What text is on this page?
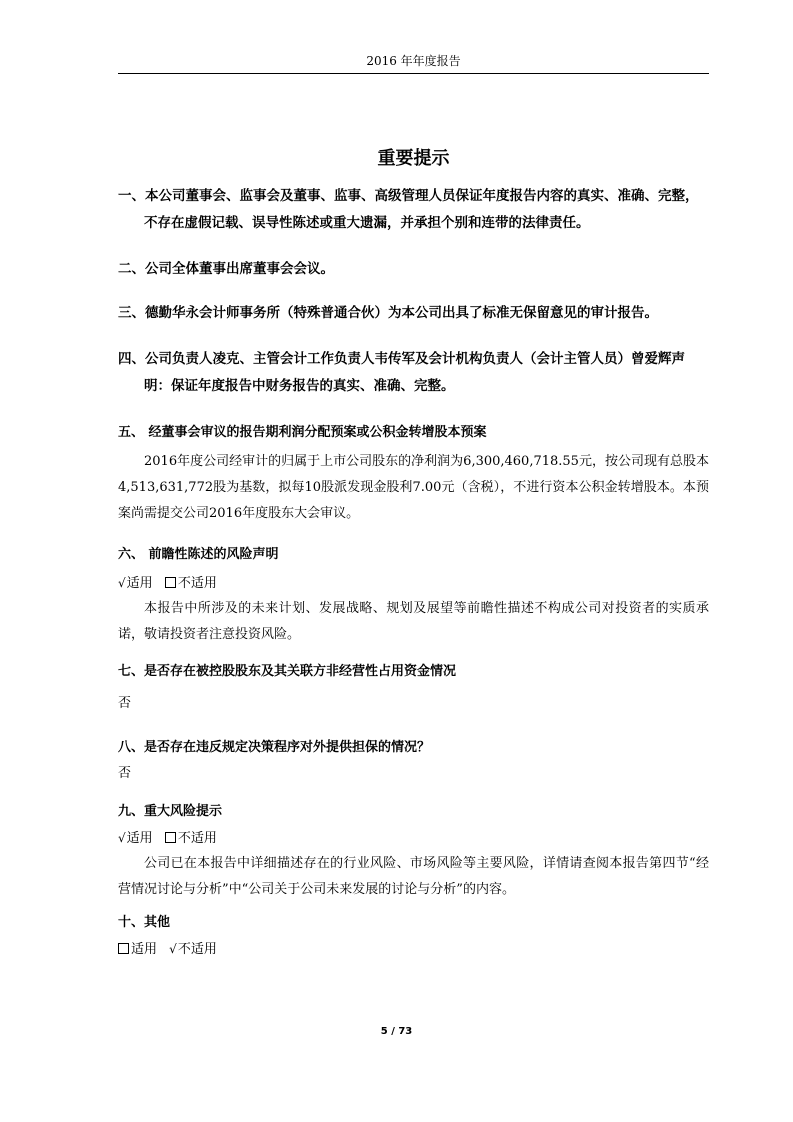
2016 年年度报告
重要提示

一、本公司董事会、监事会及董事、监事、高级管理人员保证年度报告内容的真实、准确、完整，

不存在虚假记载、误导性陈述或重大遗漏，并承担个别和连带的法律责任。

二、公司全体董事出席董事会会议。

三、德勤华永会计师事务所（特殊普通合伙）为本公司出具了标准无保留意见的审计报告。

四、公司负责人凌克、主管会计工作负责人韦传军及会计机构负责人（会计主管人员）曾爱辉声

明：保证年度报告中财务报告的真实、准确、完整。

五、 经董事会审议的报告期利润分配预案或公积金转增股本预案

2016年度公司经审计的归属于上市公司股东的净利润为6,300,460,718.55元，按公司现有总股本4,513,631,772股为基数，拟每10股派发现金股利7.00元（含税），不进行资本公积金转增股本。本预案尚需提交公司2016年度股东大会审议。

六、 前瞻性陈述的风险声明

√适用 不适用

本报告中所涉及的未来计划、发展战略、规划及展望等前瞻性描述不构成公司对投资者的实质承诺，敬请投资者注意投资风险。

七、是否存在被控股股东及其关联方非经营性占用资金情况

否

八、是否存在违反规定决策程序对外提供担保的情况？

否

九、重大风险提示

√适用 不适用

公司已在本报告中详细描述存在的行业风险、市场风险等主要风险，详情请查阅本报告第四节“经营情况讨论与分析”中“公司关于公司未来发展的讨论与分析”的内容。

十、其他

适用 √不适用
5 / 73
